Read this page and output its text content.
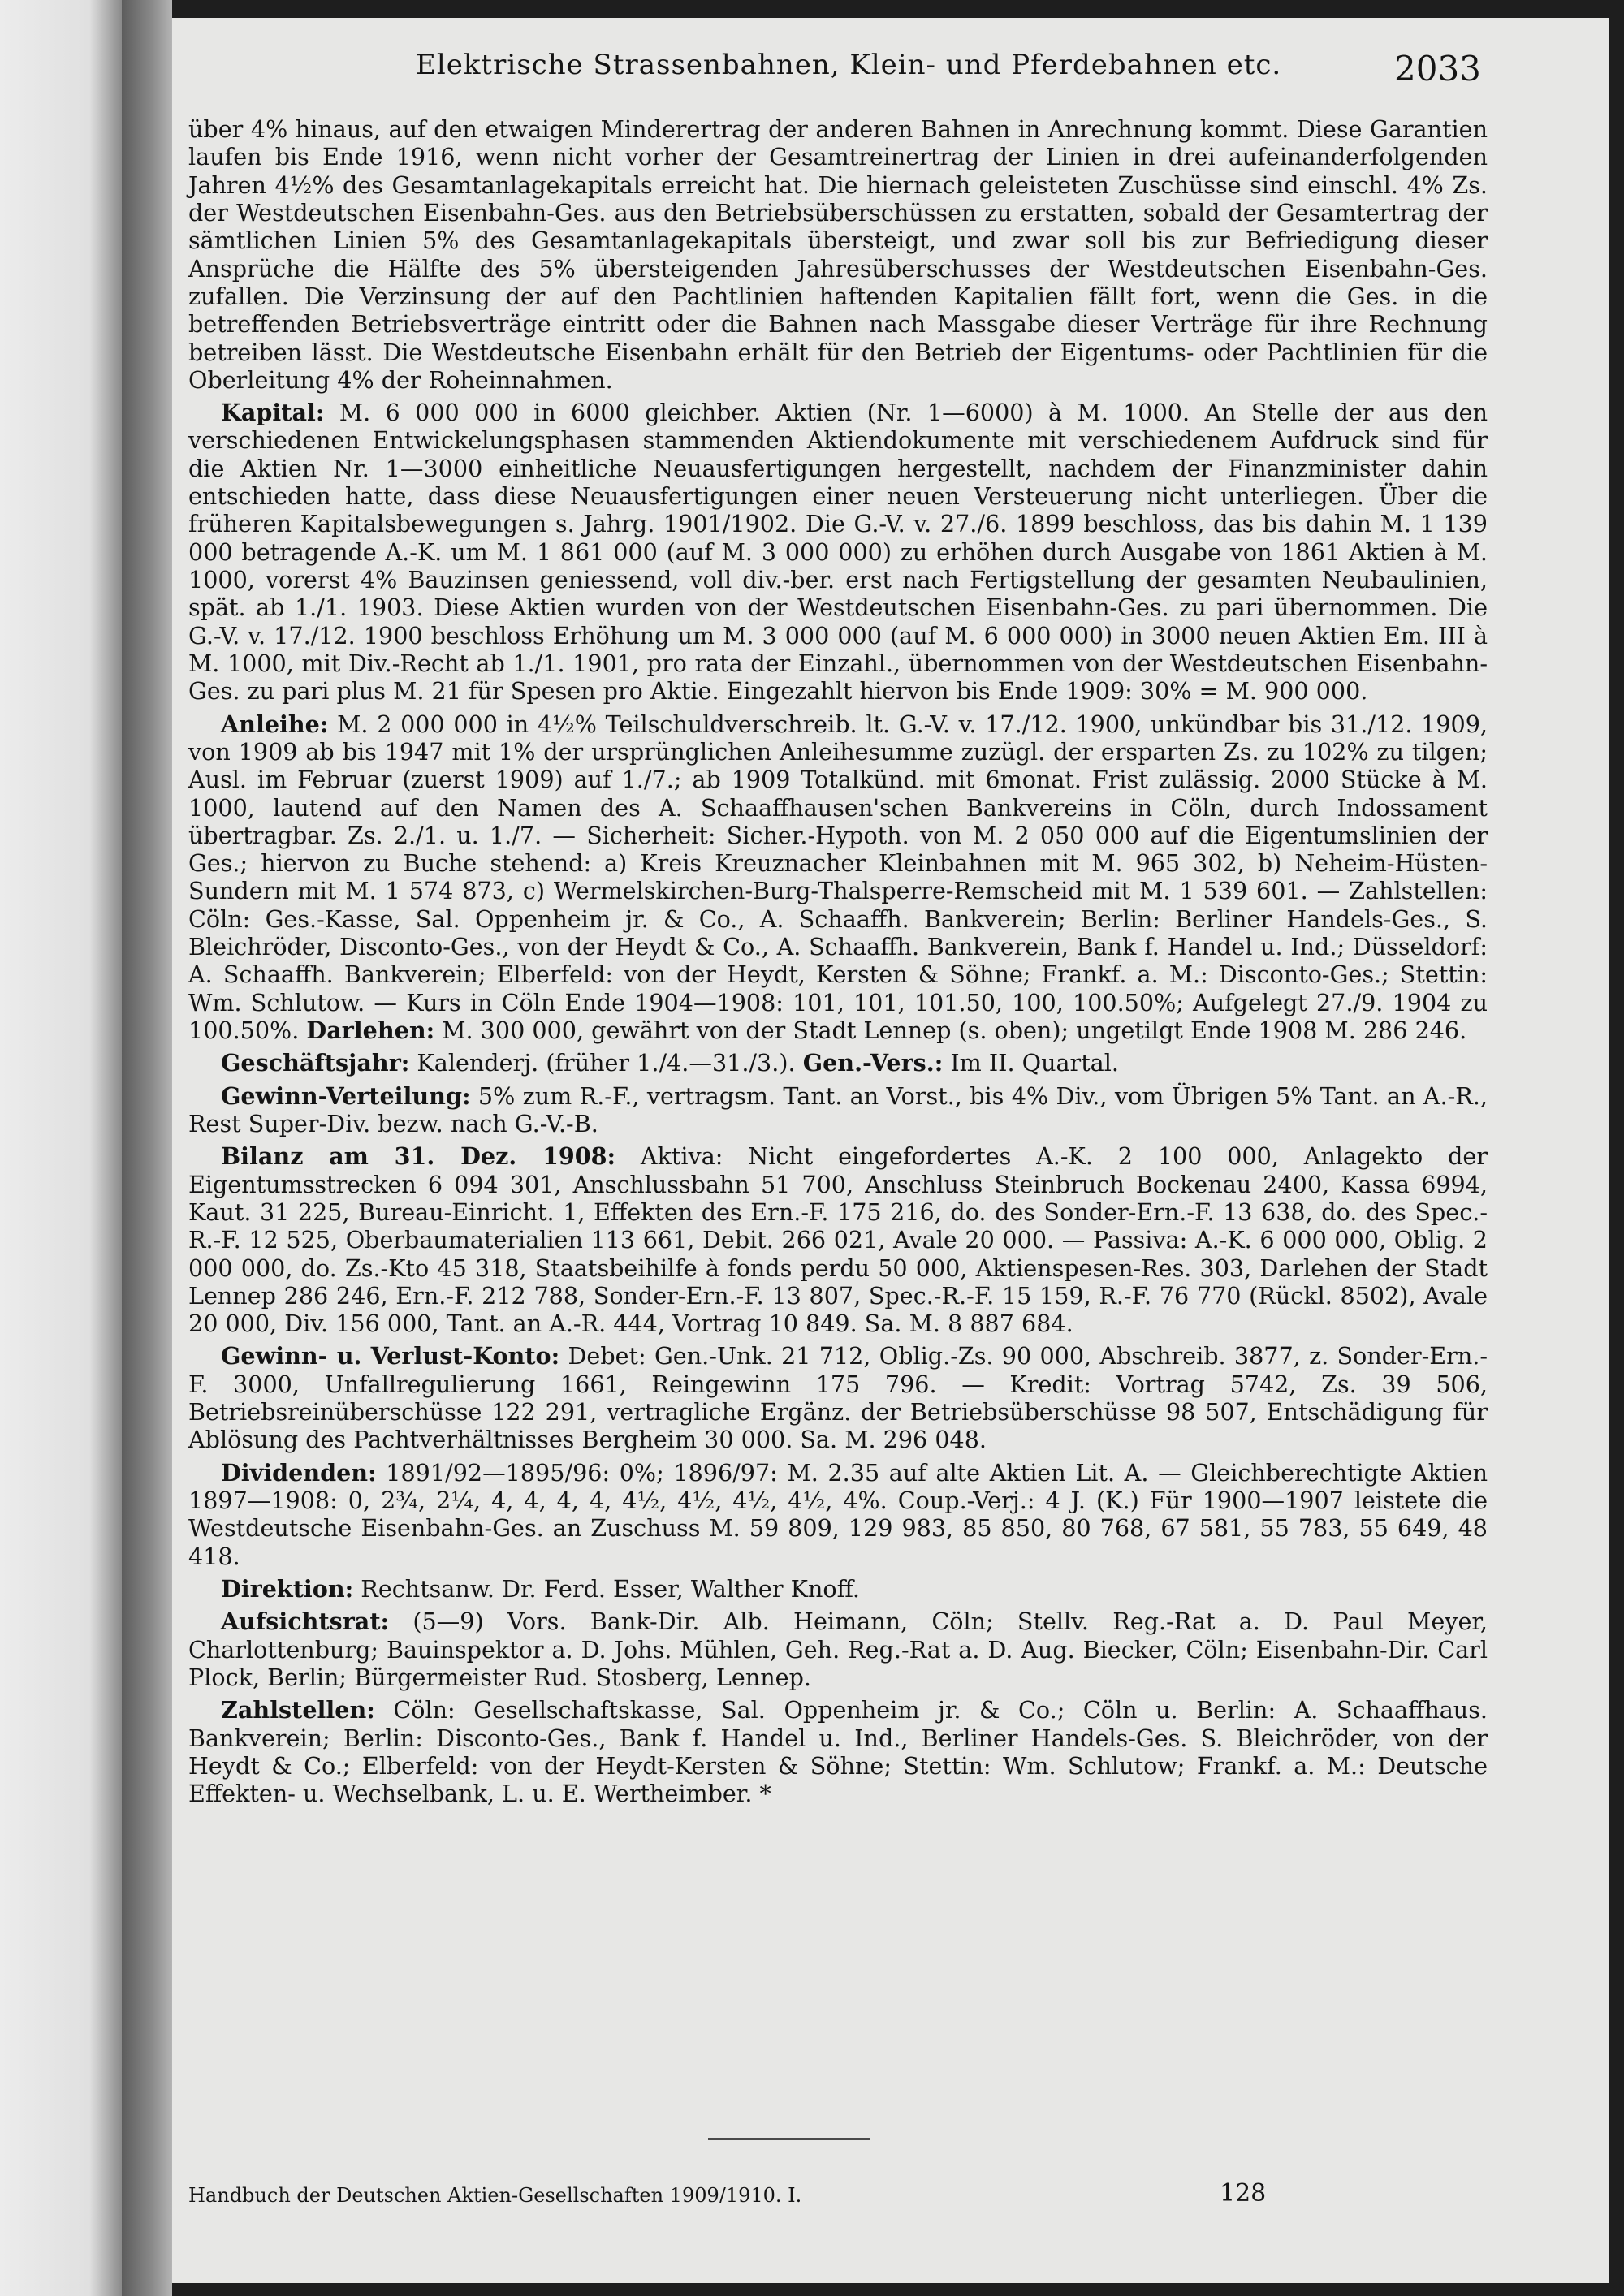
Elektrische Strassenbahnen, Klein- und Pferdebahnen etc.	2033

über 4% hinaus, auf den etwaigen Minderertrag der anderen Bahnen in Anrechnung kommt. Diese Garantien laufen bis Ende 1916, wenn nicht vorher der Gesamtreinertrag der Linien in drei aufeinanderfolgenden Jahren 4½% des Gesamtanlagekapitals erreicht hat. Die hiernach geleisteten Zuschüsse sind einschl. 4% Zs. der Westdeutschen Eisenbahn-Ges. aus den Betriebsüberschüssen zu erstatten, sobald der Gesamtertrag der sämtlichen Linien 5% des Gesamtanlagekapitals übersteigt, und zwar soll bis zur Befriedigung dieser Ansprüche die Hälfte des 5% übersteigenden Jahresüberschusses der Westdeutschen Eisenbahn-Ges. zufallen. Die Verzinsung der auf den Pachtlinien haftenden Kapitalien fällt fort, wenn die Ges. in die betreffenden Betriebsverträge eintritt oder die Bahnen nach Massgabe dieser Verträge für ihre Rechnung betreiben lässt. Die Westdeutsche Eisenbahn erhält für den Betrieb der Eigentums- oder Pachtlinien für die Oberleitung 4% der Roheinnahmen.

Kapital: M. 6 000 000 in 6000 gleichber. Aktien (Nr. 1—6000) à M. 1000. An Stelle der aus den verschiedenen Entwickelungsphasen stammenden Aktiendokumente mit verschiedenem Aufdruck sind für die Aktien Nr. 1—3000 einheitliche Neuausfertigungen hergestellt, nachdem der Finanzminister dahin entschieden hatte, dass diese Neuausfertigungen einer neuen Versteuerung nicht unterliegen. Über die früheren Kapitalsbewegungen s. Jahrg. 1901/1902. Die G.-V. v. 27./6. 1899 beschloss, das bis dahin M. 1 139 000 betragende A.-K. um M. 1 861 000 (auf M. 3 000 000) zu erhöhen durch Ausgabe von 1861 Aktien à M. 1000, vorerst 4% Bauzinsen geniessend, voll div.-ber. erst nach Fertigstellung der gesamten Neubaulinien, spät. ab 1./1. 1903. Diese Aktien wurden von der Westdeutschen Eisenbahn-Ges. zu pari übernommen. Die G.-V. v. 17./12. 1900 beschloss Erhöhung um M. 3 000 000 (auf M. 6 000 000) in 3000 neuen Aktien Em. III à M. 1000, mit Div.-Recht ab 1./1. 1901, pro rata der Einzahl., übernommen von der Westdeutschen Eisenbahn-Ges. zu pari plus M. 21 für Spesen pro Aktie. Eingezahlt hiervon bis Ende 1909: 30% = M. 900 000.

Anleihe: M. 2 000 000 in 4½% Teilschuldverschreib. lt. G.-V. v. 17./12. 1900, unkündbar bis 31./12. 1909, von 1909 ab bis 1947 mit 1% der ursprünglichen Anleihesumme zuzügl. der ersparten Zs. zu 102% zu tilgen; Ausl. im Februar (zuerst 1909) auf 1./7.; ab 1909 Totalkünd. mit 6monat. Frist zulässig. 2000 Stücke à M. 1000, lautend auf den Namen des A. Schaaffhausen'schen Bankvereins in Cöln, durch Indossament übertragbar. Zs. 2./1. u. 1./7. — Sicherheit: Sicher.-Hypoth. von M. 2 050 000 auf die Eigentumslinien der Ges.; hiervon zu Buche stehend: a) Kreis Kreuznacher Kleinbahnen mit M. 965 302, b) Neheim-Hüsten-Sundern mit M. 1 574 873, c) Wermelskirchen-Burg-Thalsperre-Remscheid mit M. 1 539 601. — Zahlstellen: Cöln: Ges.-Kasse, Sal. Oppenheim jr. & Co., A. Schaaffh. Bankverein; Berlin: Berliner Handels-Ges., S. Bleichröder, Disconto-Ges., von der Heydt & Co., A. Schaaffh. Bankverein, Bank f. Handel u. Ind.; Düsseldorf: A. Schaaffh. Bankverein; Elberfeld: von der Heydt, Kersten & Söhne; Frankf. a. M.: Disconto-Ges.; Stettin: Wm. Schlutow. — Kurs in Cöln Ende 1904—1908: 101, 101, 101.50, 100, 100.50%; Aufgelegt 27./9. 1904 zu 100.50%. Darlehen: M. 300 000, gewährt von der Stadt Lennep (s. oben); ungetilgt Ende 1908 M. 286 246.

Geschäftsjahr: Kalenderj. (früher 1./4.—31./3.). Gen.-Vers.: Im II. Quartal.

Gewinn-Verteilung: 5% zum R.-F., vertragsm. Tant. an Vorst., bis 4% Div., vom Übrigen 5% Tant. an A.-R., Rest Super-Div. bezw. nach G.-V.-B.

Bilanz am 31. Dez. 1908: Aktiva: Nicht eingefordertes A.-K. 2 100 000, Anlagekto der Eigentumsstrecken 6 094 301, Anschlussbahn 51 700, Anschluss Steinbruch Bockenau 2400, Kassa 6994, Kaut. 31 225, Bureau-Einricht. 1, Effekten des Ern.-F. 175 216, do. des Sonder-Ern.-F. 13 638, do. des Spec.-R.-F. 12 525, Oberbaumaterialien 113 661, Debit. 266 021, Avale 20 000. — Passiva: A.-K. 6 000 000, Oblig. 2 000 000, do. Zs.-Kto 45 318, Staatsbeihilfe à fonds perdu 50 000, Aktienspesen-Res. 303, Darlehen der Stadt Lennep 286 246, Ern.-F. 212 788, Sonder-Ern.-F. 13 807, Spec.-R.-F. 15 159, R.-F. 76 770 (Rückl. 8502), Avale 20 000, Div. 156 000, Tant. an A.-R. 444, Vortrag 10 849. Sa. M. 8 887 684.

Gewinn- u. Verlust-Konto: Debet: Gen.-Unk. 21 712, Oblig.-Zs. 90 000, Abschreib. 3877, z. Sonder-Ern.-F. 3000, Unfallregulierung 1661, Reingewinn 175 796. — Kredit: Vortrag 5742, Zs. 39 506, Betriebsreinüberschüsse 122 291, vertragliche Ergänz. der Betriebsüberschüsse 98 507, Entschädigung für Ablösung des Pachtverhältnisses Bergheim 30 000. Sa. M. 296 048.

Dividenden: 1891/92—1895/96: 0%; 1896/97: M. 2.35 auf alte Aktien Lit. A. — Gleichberechtigte Aktien 1897—1908: 0, 2¾, 2¼, 4, 4, 4, 4, 4½, 4½, 4½, 4½, 4%. Coup.-Verj.: 4 J. (K.) Für 1900—1907 leistete die Westdeutsche Eisenbahn-Ges. an Zuschuss M. 59 809, 129 983, 85 850, 80 768, 67 581, 55 783, 55 649, 48 418.

Direktion: Rechtsanw. Dr. Ferd. Esser, Walther Knoff.

Aufsichtsrat: (5—9) Vors. Bank-Dir. Alb. Heimann, Cöln; Stellv. Reg.-Rat a. D. Paul Meyer, Charlottenburg; Bauinspektor a. D. Johs. Mühlen, Geh. Reg.-Rat a. D. Aug. Biecker, Cöln; Eisenbahn-Dir. Carl Plock, Berlin; Bürgermeister Rud. Stosberg, Lennep.

Zahlstellen: Cöln: Gesellschaftskasse, Sal. Oppenheim jr. & Co.; Cöln u. Berlin: A. Schaaffhaus. Bankverein; Berlin: Disconto-Ges., Bank f. Handel u. Ind., Berliner Handels-Ges. S. Bleichröder, von der Heydt & Co.; Elberfeld: von der Heydt-Kersten & Söhne; Stettin: Wm. Schlutow; Frankf. a. M.: Deutsche Effekten- u. Wechselbank, L. u. E. Wertheimber. *

Handbuch der Deutschen Aktien-Gesellschaften 1909/1910. I.	128
